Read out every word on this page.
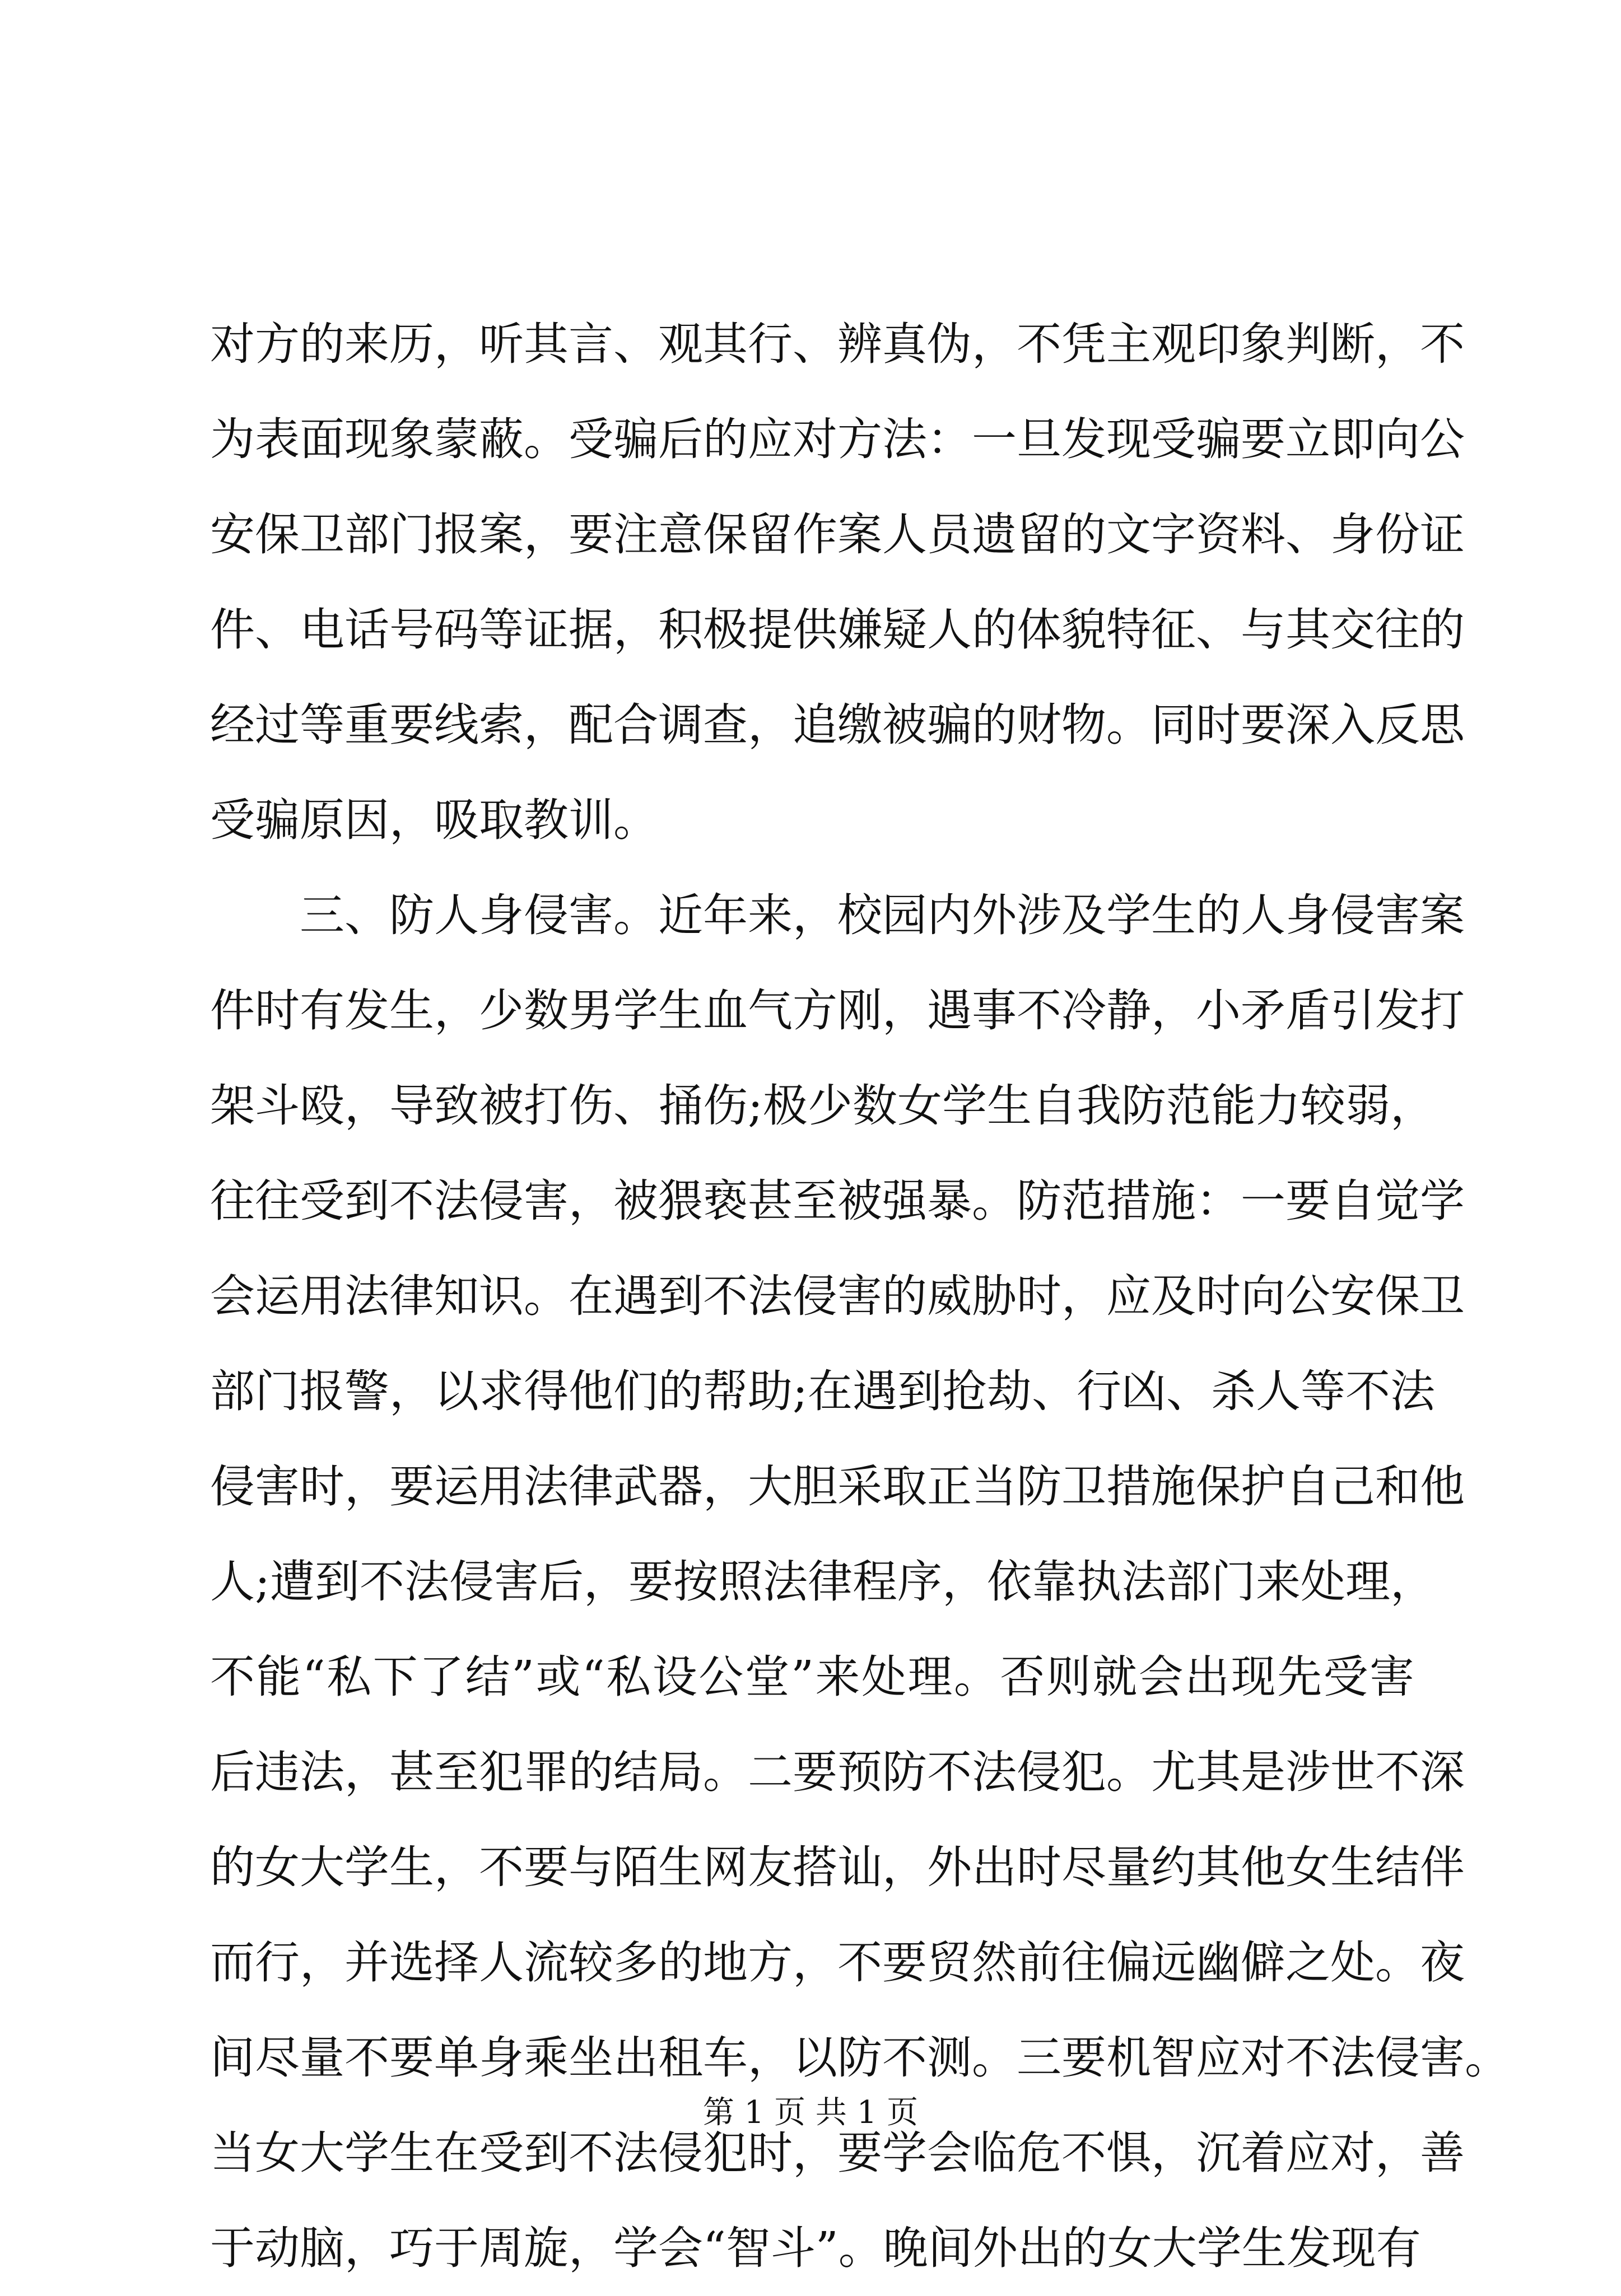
对方的来历，听其言、观其行、辨真伪，不凭主观印象判断，不
为表面现象蒙蔽。受骗后的应对方法：一旦发现受骗要立即向公
安保卫部门报案，要注意保留作案人员遗留的文字资料、身份证
件、电话号码等证据，积极提供嫌疑人的体貌特征、与其交往的
经过等重要线索，配合调查，追缴被骗的财物。同时要深入反思
受骗原因，吸取教训。
　　三、防人身侵害。近年来，校园内外涉及学生的人身侵害案
件时有发生，少数男学生血气方刚，遇事不冷静，小矛盾引发打
架斗殴，导致被打伤、捅伤;极少数女学生自我防范能力较弱，
往往受到不法侵害，被猥亵甚至被强暴。防范措施：一要自觉学
会运用法律知识。在遇到不法侵害的威胁时，应及时向公安保卫
部门报警，以求得他们的帮助;在遇到抢劫、行凶、杀人等不法
侵害时，要运用法律武器，大胆采取正当防卫措施保护自己和他
人;遭到不法侵害后，要按照法律程序，依靠执法部门来处理，
不能“私下了结”或“私设公堂”来处理。否则就会出现先受害
后违法，甚至犯罪的结局。二要预防不法侵犯。尤其是涉世不深
的女大学生，不要与陌生网友搭讪，外出时尽量约其他女生结伴
而行，并选择人流较多的地方，不要贸然前往偏远幽僻之处。夜
间尽量不要单身乘坐出租车，以防不测。三要机智应对不法侵害。
当女大学生在受到不法侵犯时，要学会临危不惧，沉着应对，善
于动脑，巧于周旋，学会“智斗”。晚间外出的女大学生发现有
第 1 页 共 1 页
